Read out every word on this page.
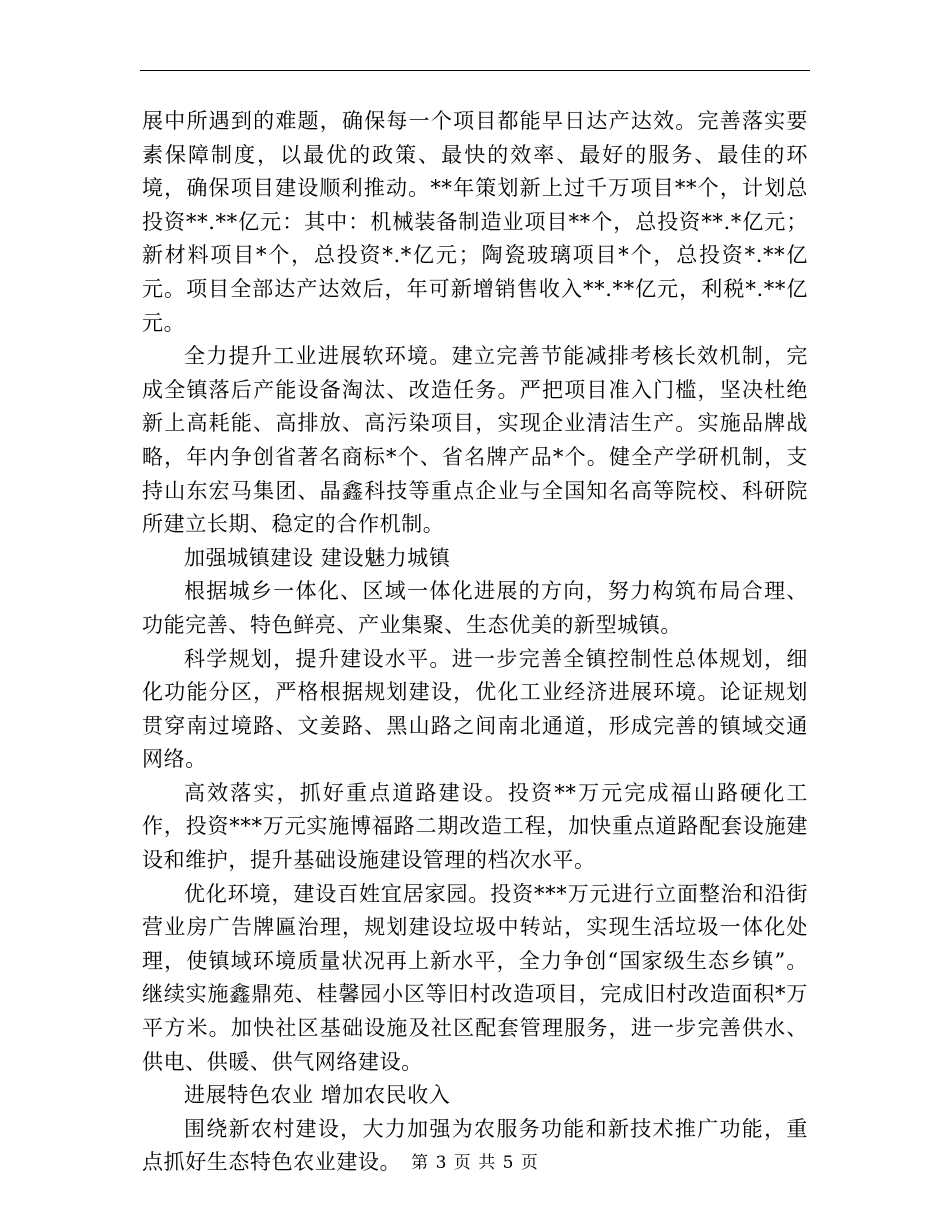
展中所遇到的难题，确保每一个项目都能早日达产达效。完善落实要素保障制度，以最优的政策、最快的效率、最好的服务、最佳的环境，确保项目建设顺利推动。**年策划新上过千万项目**个，计划总投资**.**亿元：其中：机械装备制造业项目**个，总投资**.*亿元；新材料项目*个，总投资*.*亿元；陶瓷玻璃项目*个，总投资*.**亿元。项目全部达产达效后，年可新增销售收入**.**亿元，利税*.**亿元。

全力提升工业进展软环境。建立完善节能减排考核长效机制，完成全镇落后产能设备淘汰、改造任务。严把项目准入门槛，坚决杜绝新上高耗能、高排放、高污染项目，实现企业清洁生产。实施品牌战略，年内争创省著名商标*个、省名牌产品*个。健全产学研机制，支持山东宏马集团、晶鑫科技等重点企业与全国知名高等院校、科研院所建立长期、稳定的合作机制。

加强城镇建设 建设魅力城镇

根据城乡一体化、区域一体化进展的方向，努力构筑布局合理、功能完善、特色鲜亮、产业集聚、生态优美的新型城镇。

科学规划，提升建设水平。进一步完善全镇控制性总体规划，细化功能分区，严格根据规划建设，优化工业经济进展环境。论证规划贯穿南过境路、文姜路、黑山路之间南北通道，形成完善的镇域交通网络。

高效落实，抓好重点道路建设。投资**万元完成福山路硬化工作，投资***万元实施博福路二期改造工程，加快重点道路配套设施建设和维护，提升基础设施建设管理的档次水平。

优化环境，建设百姓宜居家园。投资***万元进行立面整治和沿街营业房广告牌匾治理，规划建设垃圾中转站，实现生活垃圾一体化处理，使镇域环境质量状况再上新水平，全力争创“国家级生态乡镇”。继续实施鑫鼎苑、桂馨园小区等旧村改造项目，完成旧村改造面积*万平方米。加快社区基础设施及社区配套管理服务，进一步完善供水、供电、供暖、供气网络建设。

进展特色农业 增加农民收入

围绕新农村建设，大力加强为农服务功能和新技术推广功能，重点抓好生态特色农业建设。 第 3 页 共 5 页
